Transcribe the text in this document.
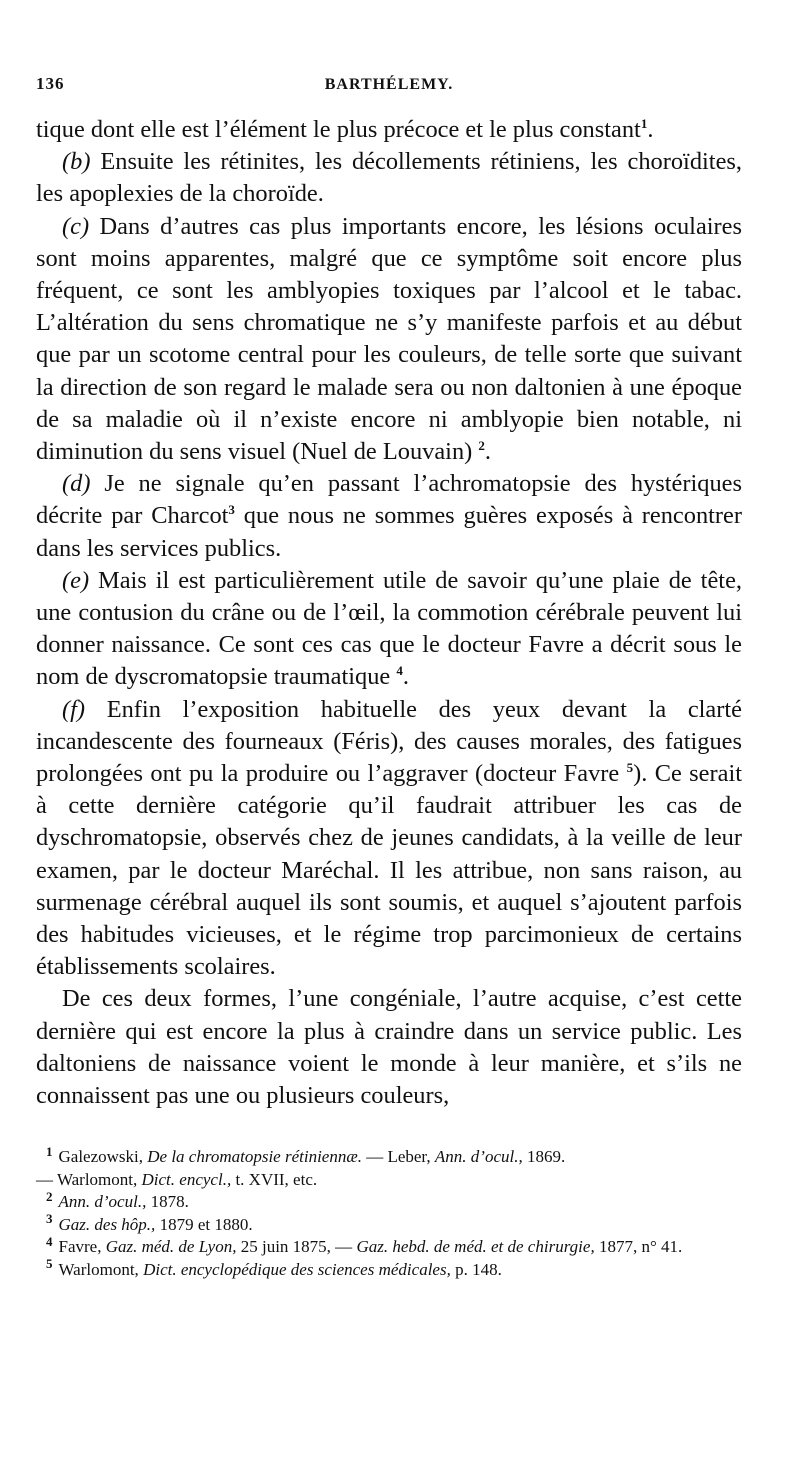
136	BARTHÉLEMY.

tique dont elle est l’élément le plus précoce et le plus constant$^1$.

(b) Ensuite les rétinites, les décollements rétiniens, les choroïdites, les apoplexies de la choroïde.

(c) Dans d’autres cas plus importants encore, les lésions oculaires sont moins apparentes, malgré que ce symptôme soit encore plus fréquent, ce sont les amblyopies toxiques par l’alcool et le tabac. L’altération du sens chromatique ne s’y manifeste parfois et au début que par un scotome central pour les couleurs, de telle sorte que suivant la direction de son regard le malade sera ou non daltonien à une époque de sa maladie où il n’existe encore ni amblyopie bien notable, ni diminution du sens visuel (Nuel de Louvain) $^2$.

(d) Je ne signale qu’en passant l’achromatopsie des hystériques décrite par Charcot$^3$ que nous ne sommes guères exposés à rencontrer dans les services publics.

(e) Mais il est particulièrement utile de savoir qu’une plaie de tête, une contusion du crâne ou de l’œil, la commotion cérébrale peuvent lui donner naissance. Ce sont ces cas que le docteur Favre a décrit sous le nom de dyscromatopsie traumatique $^4$.

(f) Enfin l’exposition habituelle des yeux devant la clarté incandescente des fourneaux (Féris), des causes morales, des fatigues prolongées ont pu la produire ou l’aggraver (docteur Favre $^5$). Ce serait à cette dernière catégorie qu’il faudrait attribuer les cas de dyschromatopsie, observés chez de jeunes candidats, à la veille de leur examen, par le docteur Maréchal. Il les attribue, non sans raison, au surmenage cérébral auquel ils sont soumis, et auquel s’ajoutent parfois des habitudes vicieuses, et le régime trop parcimonieux de certains établissements scolaires.

De ces deux formes, l’une congéniale, l’autre acquise, c’est cette dernière qui est encore la plus à craindre dans un service public. Les daltoniens de naissance voient le monde à leur manière, et s’ils ne connaissent pas une ou plusieurs couleurs,

$^1$ Galezowski, De la chromatopsie rétiniennæ. — Leber, Ann. d’ocul., 1869.

— Warlomont, Dict. encycl., t. XVII, etc.

$^2$ Ann. d’ocul., 1878.

$^3$ Gaz. des hôp., 1879 et 1880.

$^4$ Favre, Gaz. méd. de Lyon, 25 juin 1875, — Gaz. hebd. de méd. et de chirurgie, 1877, n° 41.

$^5$ Warlomont, Dict. encyclopédique des sciences médicales, p. 148.
